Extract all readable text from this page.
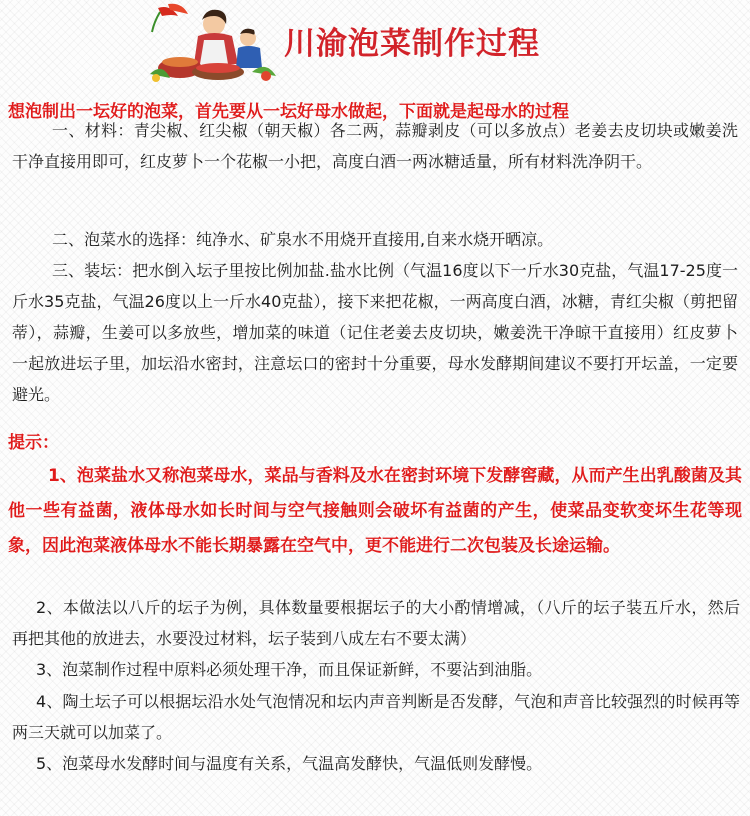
川渝泡菜制作过程
想泡制出一坛好的泡菜，首先要从一坛好母水做起，下面就是起母水的过程

一、材料：青尖椒、红尖椒（朝天椒）各二两，蒜瓣剥皮（可以多放点）老姜去皮切块或嫩姜洗干净直接用即可，红皮萝卜一个花椒一小把，高度白酒一两冰糖适量，所有材料洗净阴干。

二、泡菜水的选择：纯净水、矿泉水不用烧开直接用,自来水烧开晒凉。

三、装坛：把水倒入坛子里按比例加盐.盐水比例（气温16度以下一斤水30克盐，气温17-25度一斤水35克盐，气温26度以上一斤水40克盐），接下来把花椒，一两高度白酒，冰糖，青红尖椒（剪把留蒂），蒜瓣，生姜可以多放些，增加菜的味道（记住老姜去皮切块，嫩姜洗干净晾干直接用）红皮萝卜一起放进坛子里，加坛沿水密封，注意坛口的密封十分重要，母水发酵期间建议不要打开坛盖，一定要避光。

提示：

1、泡菜盐水又称泡菜母水，菜品与香料及水在密封环境下发酵窖藏，从而产生出乳酸菌及其他一些有益菌，液体母水如长时间与空气接触则会破坏有益菌的产生，使菜品变软变坏生花等现象，因此泡菜液体母水不能长期暴露在空气中，更不能进行二次包装及长途运输。

2、本做法以八斤的坛子为例，具体数量要根据坛子的大小酌情增减，（八斤的坛子装五斤水，然后再把其他的放进去，水要没过材料，坛子装到八成左右不要太满）

3、泡菜制作过程中原料必须处理干净，而且保证新鲜，不要沾到油脂。

4、陶土坛子可以根据坛沿水处气泡情况和坛内声音判断是否发酵，气泡和声音比较强烈的时候再等两三天就可以加菜了。

5、泡菜母水发酵时间与温度有关系，气温高发酵快，气温低则发酵慢。
